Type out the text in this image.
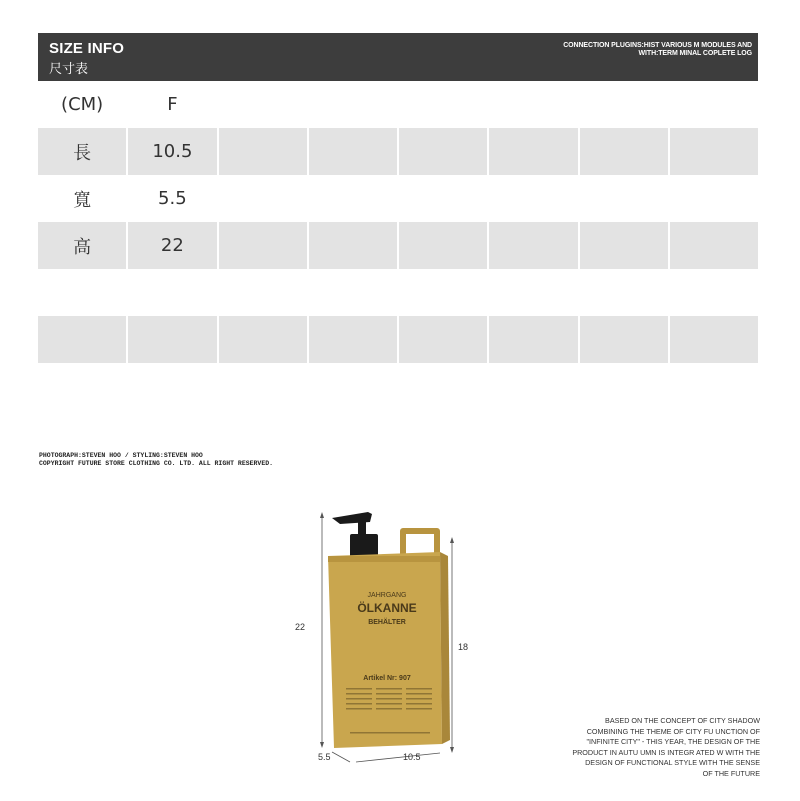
SIZE INFO
尺寸表
CONNECTION PLUGINS:HIST VARIOUS M MODULES AND
WITH:TERM MINAL COPLETE LOG
(CM)	F
長	10.5
寬	5.5
高	22
PHOTOGRAPH:STEVEN HOO / STYLING:STEVEN HOO
COPYRIGHT FUTURE STORE CLOTHING CO. LTD. ALL RIGHT RESERVED.
JAHRGANG
ÖLKANNE
BEHÄLTER
Artikel Nr: 907
22
18
10.5
5.5
BASED ON THE CONCEPT OF CITY SHADOW
COMBINING THE THEME OF CITY FU UNCTION OF
"INFINITE CITY" - THIS YEAR, THE DESIGN OF THE
PRODUCT IN AUTU UMN IS INTEGR ATED W WITH THE
DESIGN OF FUNCTIONAL STYLE WITH THE SENSE
OF THE FUTURE
